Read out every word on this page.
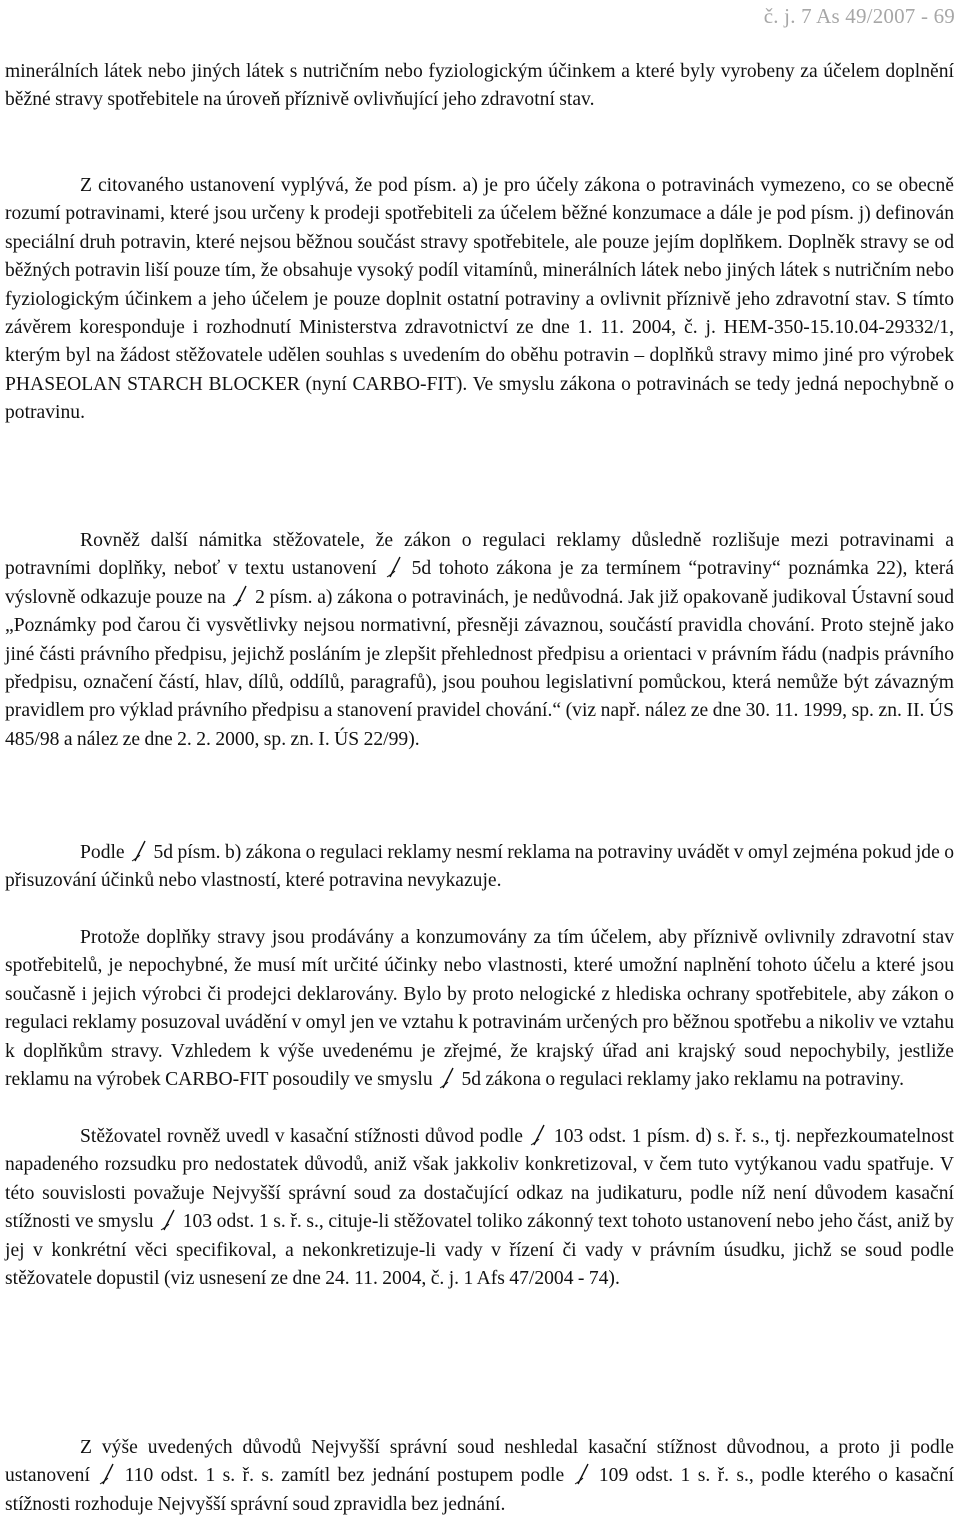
č. j. 7 As 49/2007 - 69

minerálních látek nebo jiných látek s nutričním nebo fyziologickým účinkem a které byly vyrobeny za účelem doplnění běžné stravy spotřebitele na úroveň příznivě ovlivňující jeho zdravotní stav.

Z citovaného ustanovení vyplývá, že pod písm. a) je pro účely zákona o potravinách vymezeno, co se obecně rozumí potravinami, které jsou určeny k prodeji spotřebiteli za účelem běžné konzumace a dále je pod písm. j) definován speciální druh potravin, které nejsou běžnou součást stravy spotřebitele, ale pouze jejím doplňkem. Doplněk stravy se od běžných potravin liší pouze tím, že obsahuje vysoký podíl vitamínů, minerálních látek nebo jiných látek s nutričním nebo fyziologickým účinkem a jeho účelem je pouze doplnit ostatní potraviny a ovlivnit příznivě jeho zdravotní stav. S tímto závěrem koresponduje i rozhodnutí Ministerstva zdravotnictví ze dne 1. 11. 2004, č. j. HEM-350-15.10.04-29332/1, kterým byl na žádost stěžovatele udělen souhlas s uvedením do oběhu potravin – doplňků stravy mimo jiné pro výrobek PHASEOLAN STARCH BLOCKER (nyní CARBO-FIT). Ve smyslu zákona o potravinách se tedy jedná nepochybně o potravinu.

Rovněž další námitka stěžovatele, že zákon o regulaci reklamy důsledně rozlišuje mezi potravinami a potravními doplňky, neboť v textu ustanovení
5d tohoto zákona je za termínem “potraviny“ poznámka 22), která výslovně odkazuje pouze na
2 písm. a) zákona o potravinách, je nedůvodná. Jak již opakovaně judikoval Ústavní soud „Poznámky pod čarou či vysvětlivky nejsou normativní, přesněji závaznou, součástí pravidla chování. Proto stejně jako jiné části právního předpisu, jejichž posláním je zlepšit přehlednost předpisu a orientaci v právním řádu (nadpis právního předpisu, označení částí, hlav, dílů, oddílů, paragrafů), jsou pouhou legislativní pomůckou, která nemůže být závazným pravidlem pro výklad právního předpisu a stanovení pravidel chování.“ (viz např. nález ze dne 30. 11. 1999, sp. zn. II. ÚS 485/98 a nález ze dne 2. 2. 2000, sp. zn. I. ÚS 22/99).

Podle
5d písm. b) zákona o regulaci reklamy nesmí reklama na potraviny uvádět v omyl zejména pokud jde o přisuzování účinků nebo vlastností, které potravina nevykazuje.

Protože doplňky stravy jsou prodávány a konzumovány za tím účelem, aby příznivě ovlivnily zdravotní stav spotřebitelů, je nepochybné, že musí mít určité účinky nebo vlastnosti, které umožní naplnění tohoto účelu a které jsou současně i jejich výrobci či prodejci deklarovány. Bylo by proto nelogické z hlediska ochrany spotřebitele, aby zákon o regulaci reklamy posuzoval uvádění v omyl jen ve vztahu k potravinám určených pro běžnou spotřebu a nikoliv ve vztahu k doplňkům stravy. Vzhledem k výše uvedenému je zřejmé, že krajský úřad ani krajský soud nepochybily, jestliže reklamu na výrobek CARBO-FIT posoudily ve smyslu
5d zákona o regulaci reklamy jako reklamu na potraviny.

Stěžovatel rovněž uvedl v kasační stížnosti důvod podle
103 odst. 1 písm. d) s. ř. s., tj. nepřezkoumatelnost napadeného rozsudku pro nedostatek důvodů, aniž však jakkoliv konkretizoval, v čem tuto vytýkanou vadu spatřuje. V této souvislosti považuje Nejvyšší správní soud za dostačující odkaz na judikaturu, podle níž není důvodem kasační stížnosti ve smyslu
103 odst. 1 s. ř. s., cituje-li stěžovatel toliko zákonný text tohoto ustanovení nebo jeho část, aniž by jej v konkrétní věci specifikoval, a nekonkretizuje-li vady v řízení či vady v právním úsudku, jichž se soud podle stěžovatele dopustil (viz usnesení ze dne 24. 11. 2004, č. j. 1 Afs 47/2004 - 74).

Z výše uvedených důvodů Nejvyšší správní soud neshledal kasační stížnost důvodnou, a proto ji podle ustanovení
110 odst. 1 s. ř. s. zamítl bez jednání postupem podle
109 odst. 1 s. ř. s., podle kterého o kasační stížnosti rozhoduje Nejvyšší správní soud zpravidla bez jednání.
